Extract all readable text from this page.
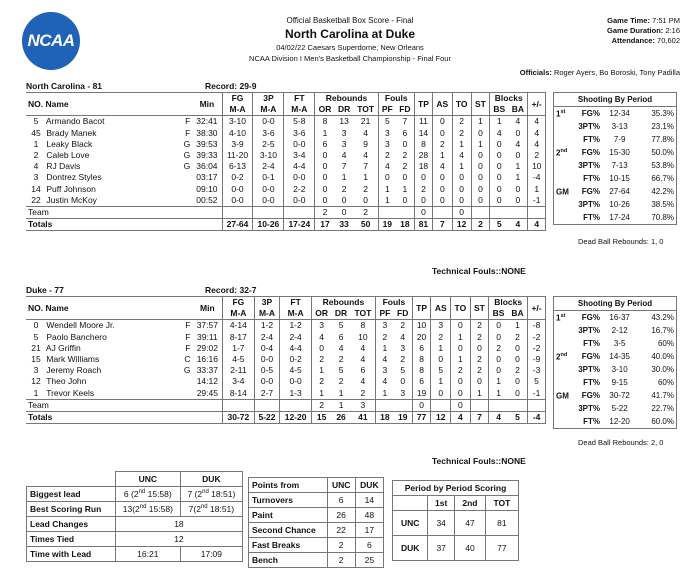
NCAA
Official Basketball Box Score - Final
North Carolina at Duke
04/02/22 Caesars Superdome, New Orleans
NCAA Division I Men's Basketball Championship - Final Four
Game Time: 7:51 PM
Game Duration: 2:16
Attendance: 70,602
Officials: Roger Ayers, Bo Boroski, Tony Padilla
North Carolina - 81	Record: 29-9
NO. Name		Min	FG	3P	FT	Rebounds			Fouls		TP	AS	TO	ST	Blocks		+/-
			M-A	M-A	M-A	OR	DR	TOT	PF	FD					BS	BA	
5 Armando Bacot	F	32:41	3-10	0-0	5-8	8	13	21	5	7	11	0	2	1	1	4	4
45 Brady Manek	F	38:30	4-10	3-6	3-6	1	3	4	3	6	14	0	2	0	4	0	4
1 Leaky Black	G	39:53	3-9	2-5	0-0	6	3	9	3	0	8	2	1	1	0	4	4
2 Caleb Love	G	39:33	11-20	3-10	3-4	0	4	4	2	2	28	1	4	0	0	0	2
4 RJ Davis	G	36:04	6-13	2-4	4-4	0	7	7	4	2	18	4	1	0	0	1	10
3 Dontrez Styles		03:17	0-2	0-1	0-0	0	1	1	0	0	0	0	0	0	0	1	-4
14 Puff Johnson		09:10	0-0	0-0	2-2	0	2	2	1	1	2	0	0	0	0	0	1
22 Justin McKoy		00:52	0-0	0-0	0-0	0	0	0	1	0	0	0	0	0	0	0	-1
Team						2	0	2			0		0				
Totals			27-64	10-26	17-24	17	33	50	19	18	81	7	12	2	5	4	4
Technical Fouls::NONE
Shooting By Period		
1st FG%	12-34	35.3%

3PT%	3-13	23.1%

FT%	7-9	77.8%
2nd FG%	15-30	50.0%

3PT%	7-13	53.8%

FT%	10-15	66.7%
GM FG%	27-64	42.2%

3PT%	10-26	38.5%

FT%	17-24	70.8%
Dead Ball Rebounds: 1, 0
Duke - 77	Record: 32-7
NO. Name		Min	FG	3P	FT	Rebounds			Fouls		TP	AS	TO	ST	Blocks		+/-
			M-A	M-A	M-A	OR	DR	TOT	PF	FD					BS	BA	
0 Wendell Moore Jr.	F	37:57	4-14	1-2	1-2	3	5	8	3	2	10	3	0	2	0	1	-8
5 Paolo Banchero	F	39:11	8-17	2-4	2-4	4	6	10	2	4	20	2	1	2	0	2	-2
21 AJ Griffin	F	29:02	1-7	0-4	4-4	0	4	4	1	3	6	1	0	0	2	0	-2
15 Mark Williams	C	16:16	4-5	0-0	0-2	2	2	4	4	2	8	0	1	2	0	0	-9
3 Jeremy Roach	G	33:37	2-11	0-5	4-5	1	5	6	3	5	8	5	2	2	0	2	-3
12 Theo John		14:12	3-4	0-0	0-0	2	2	4	4	0	6	1	0	0	1	0	5
1 Trevor Keels		29:45	8-14	2-7	1-3	1	1	2	1	3	19	0	0	1	1	0	-1
Team						2	1	3			0		0				
Totals			30-72	5-22	12-20	15	26	41	18	19	77	12	4	7	4	5	-4
Technical Fouls::NONE
Shooting By Period		
1st FG%	16-37	43.2%

3PT%	2-12	16.7%

FT%	3-5	60%
2nd FG%	14-35	40.0%

3PT%	3-10	30.0%

FT%	9-15	60%
GM FG%	30-72	41.7%

3PT%	5-22	22.7%

FT%	12-20	60.0%
Dead Ball Rebounds: 2, 0
	UNC	DUK
Biggest lead	6 (2nd 15:58)	7 (2nd 18:51)
Best Scoring Run	13(2nd 15:58)	7(2nd 18:51)
Lead Changes	18	
Times Tied	12	
Time with Lead	16:21	17:09
Points from	UNC	DUK
Turnovers	6	14
Paint	26	48
Second Chance	22	17
Fast Breaks	2	6
Bench	2	25
Period by Period Scoring			
	1st	2nd	TOT
UNC	34	47	81
DUK	37	40	77
